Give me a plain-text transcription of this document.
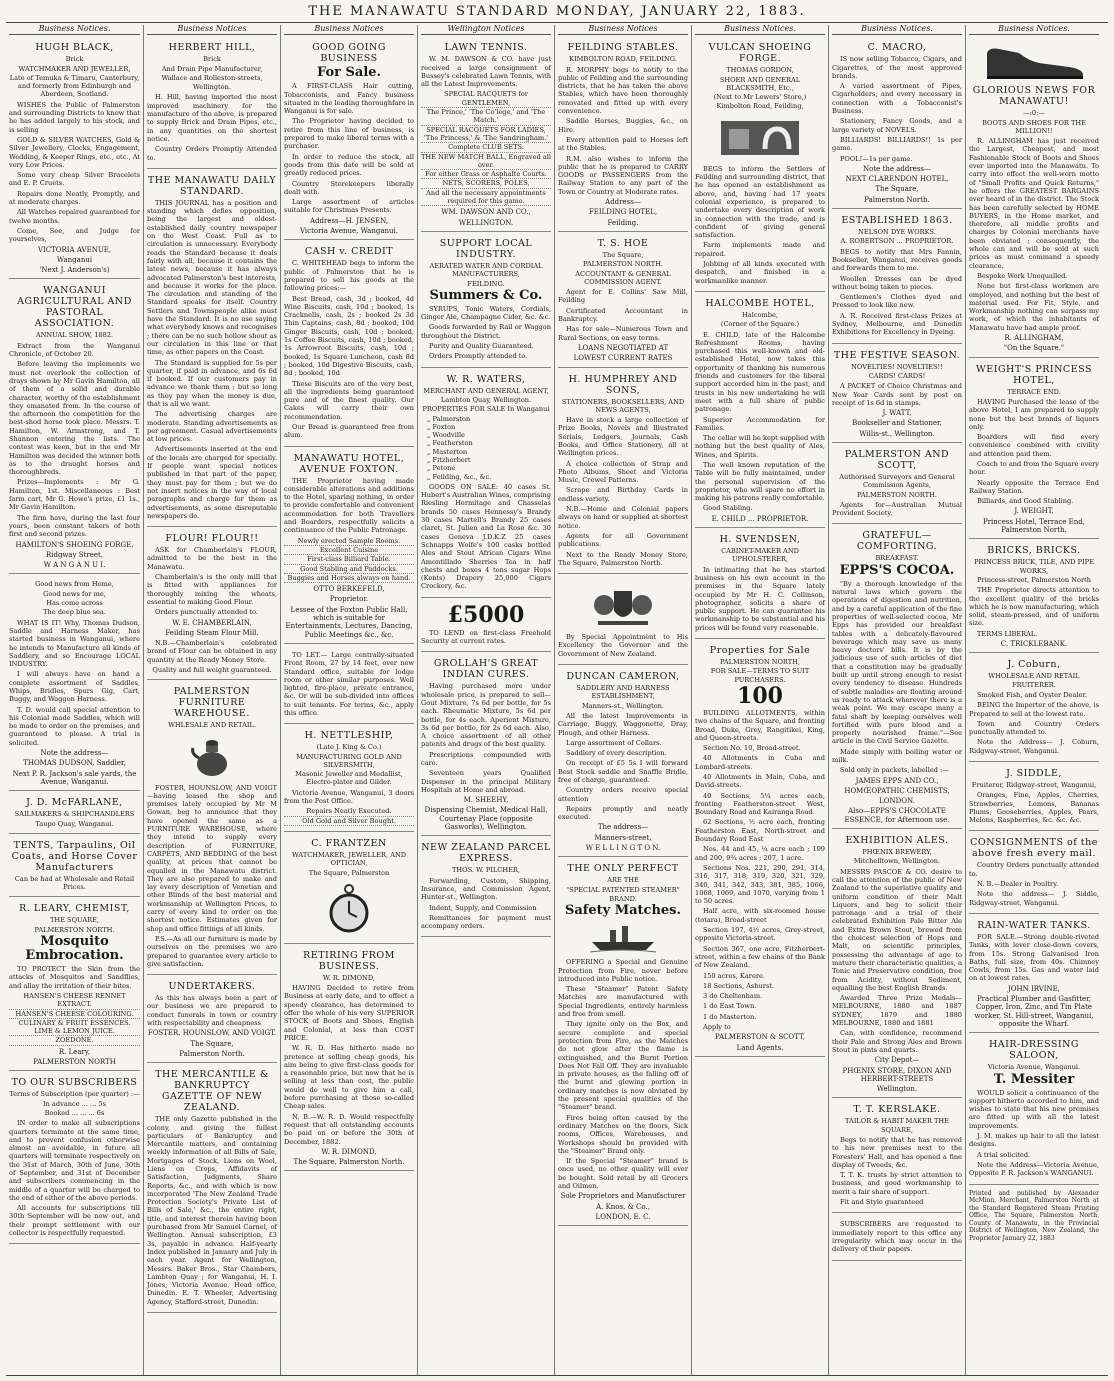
THE MANAWATU STANDARD MONDAY, JANUARY 22, 1883.
Business Notices.
HUGH BLACK,
Brick
WATCHMAKER AND JEWELLER,
Late of Temuka & Timaru, Canterbury, and formerly from Edinburgh and Aberdeen, Scotland.

WISHES the Public of Palmerston and surrounding Districts to know that he has added largely to his stock, and is selling

GOLD & SILVER WATCHES, Gold & Silver Jewellery, Clocks, Engagement, Wedding, & Keeper Rings, etc., etc., At very Low Prices.

Some very cheap Silver Bracelets and E. P. Cruets.

Repairs done Neatly, Promptly, and at moderate charges.

All Watches repaired guaranteed for twelve months.

Come, See, and Judge for yourselves,

VICTORIA AVENUE,
Wanganui
'Next J. Anderson's)
WANGANUI AGRICULTURAL AND PASTORAL ASSOCIATION.
ANNUAL SHOW, 1882.

Extract from the Wanganui Chronicle, of October 20.

Before leaving the implements we must not overlook the collection of drays shown by Mr Gavin Hamilton, all of them of a solid and durable character, worthy of the establishment they emanated from. In the course of the afternoon the competition for the best-shod horse took place. Messrs. T. Hamilton, W. Armstrong, and T. Shannon entering the lists. The contest was keen, but in the end Mr Hamilton was decided the winner both as to the draught horses and thoroughbreds.

Prizes—Implements : Mr G. Hamilton, 1st. Miscellaneous : Best farm cart, Mr G. Howe's prize, £1 1s., Mr Gavin Hamilton.

The firm have, during the last four years, been constant takers of both first and second prizes.

HAMILTON'S SHOEING FORGE,
Ridgway Street,
W A N G A N U I.
Good news from Home,
Good news for me,
Has come across
The deep blue sea.

WHAT IS IT! Why, Thomas Dudson, Saddle and Harness Maker, has started business in Wanganui, where he intends to Manufacture all kinds of Saddlery, and so Encourage LOCAL INDUSTRY.

I will always have on hand a complete assortment of Saddles, Whips, Bridles, Spurs Gig, Cart, Buggy, and Waggon Harness.

T. D. would call special attention to his Colonial made Saddles, which will be made to order on the premises, and guaranteed to please. A trial is solicited.

Note the address—
THOMAS DUDSON, Saddler,
Next P. R. Jackson's sale yards, the Avenue, Wanganui.
J. D. McFARLANE,
SAILMAKERS & SHIPCHANDLERS
Taupo Quay, Wanganui.
TENTS, Tarpaulins, Oil Coats, and Horse Cover Manufacturers
Can be had at Wholesale and Retail Prices.
R. LEARY, CHEMIST,
THE SQUARE,
PALMERSTON NORTH.
Mosquito Embrocation.

TO PROTECT the Skin from the attacks of Mosquitos and Sandflies, and allay the irritation of their bites.

HANSEN'S CHEESE RENNET EXTRACT.
HANSEN'S CHEESE COLOURING.
CULINARY & FRUIT ESSENCES. LIME & LEMON JUICE.
ZOEDONE.
R. Leary,
PALMERSTON NORTH
TO OUR SUBSCRIBERS
Terms of Subscription (per quarter) :—
In advance ... ... 5s
Booked ... ... ... 6s

IN order to make all subscriptions quarters terminate at the same time, and to prevent confusion otherwise almost an avoidable, in future all quarters will terminate respectively on the 31st of March, 30th of June, 30th of September, and 31st of December and subscribers commencing in the middle of a quarter will be charged to the end of either of the above periods.

All accounts for subscriptions till 30th September will be now out, and their prompt settlement with our collector is respectfully requested.

Business Notices
HERBERT HILL,
Brick
And Drain Pipe Manufacturer,
Wallace and Rolleston-streets,
Wellington.

H. Hill, having imported the most improved machinery for the manufacture of the above, is prepared to supply Brick and Drain Pipes, etc., in any quantities on the shortest notice.

Country Orders Promptly Attended to.

THE MANAWATU DAILY STANDARD.

THIS JOURNAL has a position and standing which defies opposition, being the largest and oldest-established daily country newspaper on the West Coast. Full as to circulation is unnecessary. Everybody reads the Standard because it deals fairly with all, because it contains the latest news, because it has always advocated Palmerston's best interests, and because it works for the place. The circulation and standing of the Standard speaks for itself. Country Settlers and Townspeople alike must have the Standard. It is no use saying what everybody knows and recognises ; there can be no such hollow shout as our circulation in this line or that time, as other papers on the Coast.

The Standard is supplied for 5s per quarter, if paid in advance, and 6s 6d if booked. If our customers pay in advance we thank them ; but so long as they pay when the money is due, that is all we want.

The advertising charges are moderate. Standing advertisements as per agreement. Casual advertisements at low prices.

Advertisements inserted at the end of the locals are charged for specially. If people want special notices published in that part of the paper, they must pay for them ; but we do not insert notices in the way of local paragraphs and charge for them as advertisements, as some disreputable newspapers do.

FLOUR! FLOUR!!

ASK for Chamberlain's FLOUR, admitted to be the best in the Manawatu.

Chamberlain's is the only mill that is fitted with appliances for thoroughly mixing the wheats, essential to making Good Flour.

Orders punctually attended to.

W. E. CHAMBERLAIN,
Feilding Steam Flour Mill.

N.B.—Chamberlain's celebrated brand of Flour can be obtained in any quantity at the Ready Money Store.

Quality and full weight guaranteed.
PALMERSTON FURNITURE WAREHOUSE.
WHLESALE AND RETAIL.

FOSTER, HOUNSLOW, AND VOIGT—having leased the shop and premises lately occupied by Mr M Gowan, beg to announce that they have opened the same as a FURNITURE WAREHOUSE, where they intend to supply every description of FURNITURE, CARPETS, AND BEDDING of the best quality, at prices that cannot be equalled in the Manawatu district. They are also prepared to make and lay every description of Venetian and other Blinds of the best material and workmanship at Wellington Prices, to carry of every kind to order on the shortest notice. Estimates given for shop and office fittings of all kinds.

P.S.—As all our furniture is made by ourselves on the premises we are prepared to guarantee every article to give satisfaction.

UNDERTAKERS.

As this has always been a part of our business we are prepared to conduct funerals in town or country with respectability and cheapness

FOSTER, HOUNSLOW, AND VOIGT.
The Square,
Palmerston North.
THE MERCANTILE & BANKRUPTCY GAZETTE OF NEW ZEALAND.

THE only Gazette published in the colony, and giving the fullest particulars of Bankruptcy and Mercantile matters, and containing weekly information of all Bills of Sale, Mortgages of Stock, Liens on Wool, Liens on Crops, Affidavits of Satisfaction, Judgments, Share Reports, &c., and with which is now incorporated 'The New Zealand Trade Protection Society's Private List of Bills of Sale,' &c., the entire right, title, and interest therein having been purchased from Mr Samuel Carnel, of Wellington. Annual subscription, £3 3s, payable in advance. Half-yearly Index published in January and July in each year. Agent for Wellington, Messrs. Baker Bros., Star Chambers, Lambton Quay ; for Wanganui, H. I. Jones, Victoria Avenue. Head office, Dunedin. E. T. Wheeler, Advertising Agency, Stafford-street, Dunedin.

Business Notices
GOOD GOING BUSINESS
For Sale.

A FIRST-CLASS Hair cutting, Tobacconists, and Fancy business situated in the leading thoroughfare in Wanganui is for sale.

The Proprietor having decided to retire from this line of business, is prepared to make liberal terms with a purchaser.

In order to reduce the stock, all goods from this date will be sold at greatly reduced prices.

Country Storekeepers liberally dealt with.

Large assortment of articles suitable for Christmas Presents.

Address—H. JENSEN,
Victoria Avenue, Wanganui.
CASH v. CREDIT

C. WHITEHEAD begs to inform the public of Palmerston that he is prepared to sell his goods at the following prices:—

Best Bread, cash, 3d ; booked, 4d Wine Biscuits, cash, 10d ; booked, 1s Cracknells, cash, 2s ; booked 2s 3d Thin Captains, cash, 8d ; booked, 10d Ginger Biscuits, cash, 10d ; booked, 1s Coffee Biscuits, cash, 10d ; booked, 1s Arrowroot Biscuits, cash, 10d ; booked, 1s Square Luncheon, cash 8d ; booked, 10d Digestive Biscuits, cash, 8d ; booked, 10d

These Biscuits are of the very best, all the ingredients being guaranteed pure and of the finest quality. Our Cakes will carry their own recommendation.

Our Bread is guaranteed free from alum.

MANAWATU HOTEL, AVENUE FOXTON.

THE Proprietor having made considerable alterations and additions to the Hotel, sparing nothing, in order to provide comfortable and convenient accommodation for both Travellers and Boarders, respectfully solicits a continuance of the Public Patronage.

Newly erected Sample Rooms.
Excellent Cuisine
First-class Billiard Table.
Good Stabling and Paddocks.
Buggies and Horses always on hand.
OTTO BERKEFELD,
Proprietor.
Lessee of the Foxton Public Hall, which is suitable for Entertainments, Lectures, Dancing, Public Meetings &c., &c.

TO LET.— Large centrally-situated Front Room, 27 by 14 feet, over new Standard office, suitable for lodge room or other similar purposes. Well lighted, fire-place, private entrance, &c. Or will be sub-divided into offices to suit tenants. For terms, &c., apply this office.

H. NETTLESHIP,
(Late J. King & Co.)
MANUFACTURING GOLD AND SILVERSMITH,
Masonic Jeweller and Medallist, Electro-plater and Gilder.

Victoria Avenue, Wanganui, 3 doors from the Post Office.

Repairs Neatly Executed.
Old Gold and Silver Bought.
C. FRANTZEN
WATCHMAKER, JEWELLER, AND OPTICIAN,
The Square, Palmerston
RETIRING FROM BUSINESS.
W. R. DIMOND,

HAVING Decided to retire from Business at early date, and to effect a speedy clearance, has determined to offer the whole of his very SUPERIOR STOCK of Boots and Shoes, English and Colonial, at less than COST PRICE.

W. R. D. Has hitherto made no pretence at selling cheap goods, his aim being to give first-class goods for a reasonable price, but now that he is selling at less than cost, the public would do well to give him a call, before purchasing at those so-called Cheap sales.

N. B.—W. R. D. Would respectfully request that all outstanding accounts be paid on or before the 30th of December, 1882.

W. R. DIMOND,
The Square, Palmerston North.
Wellington Notices
LAWN TENNIS.

W. M. DAWSON & CO. have just received a large consignment of Bussey's celebrated Lawn Tennis, with all the Latest Improvements.

SPECIAL RACQUETS for GENTLEMEN,
The Prince,' 'The Co'lege,' and 'The Match.'
SPECIAL RACQUETS FOR LADIES, 'The Princess,' & 'The Sandringham.'
Complete CLUB SETS.
THE NEW MATCH BALL, Engraved all over.
For either Grass or Asphalte Courts.
NETS, SCORERS, POLES,
And all the necessary appointments required for this game.
WM. DAWSON AND CO.,
WELLINGTON.
SUPPORT LOCAL INDUSTRY.
AERATED WATER AND CORDIAL MANUFACTURERS,
FEILDING.
Summers & Co.

SYRUPS, Tonic Waters, Cordials, Ginger Ale, Champagne Cider, &c. &c.

Goods forwarded by Rail or Waggon throughout the District.

Purity and Quality Guaranteed.

Orders Promptly attended to.

W. R. WATERS,
MERCHANT AND GENERAL AGENT,
Lambton Quay, Wellington.
PROPERTIES FOR SALE In Wanganui
„ Palmerston
„ Foxton
„ Woodville
„ Featherston
„ Masterton
„ Fitzherbert
„ Petone
„ Feilding, &c., &c.

GOODS ON SALE: 40 cases St. Hubert's Australian Wines, comprising Riesling Hermitage and Chasselas brands 50 cases Hennessy's Brandy 30 cases Martell's Brandy 25 cases claret, St. Julien and La Rose &c. 30 cases Geneva J.D.K.Z 25 cases Schnapps Wolfe's 100 casks bottled Ales and Stout African Cigars Wine Amontillado Sherries Tea in half chests and boxes 4 tons sugar Hops (Kents) Drapery 25,000 Cigars Crockery, &c.

£5000

TO LEND on first-class Freehold Security at current rates.

GROLLAH'S GREAT INDIAN CURES.

Having purchased more under wholesale price, is prepared to sell— Gout Mixture, 7s 6d per bottle, for 5s each. Rheumatic Mixture, 5s 6d per bottle, for 4s each. Aperient Mixture, 3s 6d per bottle, for 2s 6d each. Also, A choice assortment of all other patents and drugs of the best quality.

Prescriptions compounded with care.

Seventeen years Qualified Dispenser in the principal Military Hospitals at Home and abroad.

M. SHEEHY,
Dispensing Chemist, Medical Hall, Courtenay Place (opposite Gasworks), Wellington.
NEW ZEALAND PARCEL EXPRESS.
THOS. W. PILCHER,

Forwarding, Custom, Shipping, Insurance, and Commission Agent, Hunter-st., Wellington.

Indent, Supply, and Commission

Remittances for payment must accompany orders.

Business Notices
FEILDING STABLES.
KIMBOLTON ROAD, FEILDING.

R. MORPHY begs to notify to the public of Feilding and the surrounding districts, that he has taken the above Stables, which have been thoroughly renovated and fitted up with every convenience.

Saddle Horses, Buggies, &c., on Hire.

Every attention paid to Horses left at the Stables.

R.M. also wishes to inform the public that he is prepared to CARRY GOODS or PASSENGERS from the Railway Station to any part of the Town or Country at Moderate rates.

Address—
FEILDING HOTEL,
Feilding.
T. S. HOE
The Square,
PALMERSTON NORTH.
ACCOUNTANT & GENERAL COMMISSION AGENT.

Agent for E. Collins' Saw Mill, Feilding

Certificated Accountant in Bankruptcy.

Has for sale—Numerous Town and Rural Sections, on easy terms.

LOANS NEGOTIATED AT
LOWEST CURRENT RATES
H. HUMPHREY AND SONS,
STATIONERS, BOOKSELLERS, AND NEWS AGENTS,

Have in stock a large collection of Prize Books, Novels and Illustrated Serials, Ledgers, Journals, Cash Books, and Office Stationery, all at Wellington prices.

A choice collection of Strap and Photo Albums, Sheet and Victoria Music, Crewel Patterns.

Scrape and Birthday Cards in endless variety.

N.B.—Home and Colonial papers always on hand or supplied at shortest notice.

Agents for all Government publications.

Next to the Ready Money Store, The Square, Palmerston North.

By Special Appointment to His Excellency the Governor and the Government of New Zealand.

DUNCAN CAMERON,
SADDLERY AND HARNESS ESTABLISHMENT,
Manners-st., Wellington.

All the latest Improvements in Carriage, Buggy, Waggonette, Dray, Plough, and other Harness.

Large assortment of Collars.

Saddlery of every description.

On receipt of £5 5s I will forward Best Stock saddle and Snaffle Bridle, free of charge, guaranteed.

Country orders receive special attention

Repairs promptly and neatly executed.

The address—
Manners-street,
W E L L I N G T O N.
THE ONLY PERFECT
ARE THE
"SPECIAL PATENTED STEAMER"
BRAND.
Safety Matches.

OFFERING a Special and Genuine Protection from Fire, never before introduced into Public notice.

These "Steamer" Patent Safety Matches are manufactured with Special Ingredients, entirely harmless and free from smell.

They ignite only on the Box, and secure complete and special protection from Fire, as the Matches do not glow after the flame is extinguished, and the Burnt Portion Does Not Fall Off. They are invaluable in private houses, as the falling off of the burnt and glowing portion in ordinary matches is now obviated by the present special qualities of the "Steamer" brand.

Fires being often caused by the ordinary Matches on the floors, Sick rooms, Offices, Warehouses, and Workshops should be provided with the "Steamer" Brand only.

If the Special "Steamer" brand is once used, no other quality will ever be bought. Sold retail by all Grocers and Oilmen.

Sole Proprietors and Manufacturer
A. Knos, & Co.,
LONDON, E. C.
Business Notices.
VULCAN SHOEING FORGE.
THOMAS GORDON,
SHOER AND GENERAL BLACKSMITH, Etc.,
(Next to Mr Lewers' Store,)
Kimbolton Road, Feilding,

BEGS to inform the Settlers of Feilding and surrounding district, that he has opened an establishment as above, and, having had 17 years colonial experience, is prepared to undertake every description of work in connection with the trade, and is confident of giving general satisfaction.

Farm implements made and repaired.

Jobbing of all kinds executed with despatch, and finished in a workmanlike manner.

HALCOMBE HOTEL,
Halcombe,
(Corner of the Square.)

E. CHILD, late of the Halcombe Refreshment Rooms, having purchased this well-known and old-established Hotel, now takes this opportunity of thanking his numerous friends and customers for the liberal support accorded him in the past, and trusts in his new undertaking he will meet with a full share of public patronage.

Superior Accommodation for Families.

The cellar will be kept supplied with nothing but the best quality of Ales, Wines, and Spirits.

The well known reputation of the Table will be fully maintained, under the personal supervision of the proprietor, who will spare no effort in making his patrons really comfortable.

Good Stabling.

E. CHILD ... PROPRIETOR.
H. SVENDSEN,
CABINET-MAKER AND UPHOLSTERER,

In intimating that he has started business on his own account in the premises in the Square lately occupied by Mr H. C. Collinson, photographer, solicits a share of public support. He can guarantee his workmanship to be substantial and his prices will be found very reasonable.

Properties for Sale
PALMERSTON NORTH,
FOR SALE—TERMS TO SUIT PURCHASERS.
100

BUILDING ALLOTMENTS, within two chains of the Square, and fronting Broad, Duke, Grey, Rangitikei, King, and Queen-streets.

Section No. 10, Broad-street.

40 Allotments in Cuba and Lombard-streets.

40 Allotments in Main, Cuba, and David-streets.

40 Sections, 5¼ acres each, fronting Featherston-street West, Boundary Road and Kairanga Road.

62 Sections, ½ acre each, fronting Featherston East, North-street and Boundary Road East

Nos. 44 and 45, ¼ acre each ; 199 and 200, 9¾ acres ; 207, 1 acre.

Sections Nos. 221, 290, 291, 314, 316, 317, 318, 319, 320, 321, 329, 340, 341, 342, 343, 381, 385, 1066, 1068, 1069, and 1070, varying from 1 to 50 acres.

Half acre, with six-roomed house (totara), Broad-street

Section 197, 4½ acres, Grey-street, opposite Victoria-street.

Section 367, one acre, Fitzherbert-street, within a few chains of the Bank of New Zealand.

150 acres, Karere.

18 Sections, Ashurst.

3 do Cheltenham.

1 do East Town.

1 do Masterton.

Apply to

PALMERSTON & SCOTT,
Land Agents.
Business Notices.
C. MACRO,

IS now selling Tobacco, Cigars, and Cigarettes, of the most approved brands.

A varied assortment of Pipes, Cigarholders, and every necessary in connection with a Tobacconist's Business.

Stationery, Fancy Goods, and a large variety of NOVELS.

BILLIARDS! BILLIARDS!! 1s per game.

POOL!—1s per game.

Note the address—
NEXT CLARENDON HOTEL,
The Square,
Palmerston North.
ESTABLISHED 1863.
NELSON DYE WORKS.
A. ROBERTSON ... PROPRIETOR.

BEGS to notify that Mrs Fannin, Bookseller, Wanganui, receives goods and forwards them to me.

Woollen Dresses can be dyed without being taken to pieces.

Gentlemen's Clothes dyed and Pressed to look like new.

A. R. Received first-class Prizes at Sydney, Melbourne, and Dunedin Exhibitions for Excellency in Dyeing.

THE FESTIVE SEASON.
NOVELTIES! NOVELTIES!!
CARDS! CARDS!

A PACKET of Choice Christmas and New Year Cards sent by post on receipt of 1s 6d in stamps.

J. WATT,
Bookseller and Stationer,
Willis-st., Wellington.
PALMERSTON AND SCOTT,
Authorised Surveyors and General Commission Agents,
PALMERSTON NORTH.

Agents for—Australian Mutual Provident Society.

GRATEFUL—COMFORTING.
BREAKFAST.
EPPS'S COCOA.

"By a thorough knowledge of the natural laws which govern the operations of digestion and nutrition, and by a careful application of the fine properties of well-selected cocoa, Mr Epps has provided our breakfast tables with a delicately-flavoured beverage which may save us many heavy doctors' bills. It is by the judicious use of such articles of diet that a constitution may be gradually built up until strong enough to resist every tendency to disease. Hundreds of subtle maladies are floating around us ready to attack wherever there is a weak point. We may escape many a fatal shaft by keeping ourselves well fortified with pure blood and a properly nourished frame."—See article in the Civil Service Gazette.

Made simply with boiling water or milk.

Sold only in packets, labelled :—

JAMES EPPS AND CO.,
HOMŒOPATHIC CHEMISTS,
LONDON.
Also—EPPS'S CHOCOLATE ESSENCE, for Afternoon use.
EXHIBITION ALES.
PHŒNIX BREWERY,
Mitchelltown, Wellington.

MESSRS PASCOE & CO. desire to call the attention of the public of New Zealand to the superlative quality and uniform condition of their Malt Liquors, and beg to solicit their patronage and a trial of their celebrated Exhibition Pale Bitter Ale and Extra Brown Stout, brewed from the choicest selection of Hops and Malt, on scientific principles, possessing the advantage of age to mature their characteristic qualities, a Tonic and Preservative condition, free from Acidity, without Sediment, equalling the best English Brands.

Awarded Three Prize Medals— MELBOURNE, 1880 and 1887 SYDNEY, 1879 and 1880 MELBOURNE, 1880 and 1881

Can, with confidence, recommend their Pale and Strong Ales and Brown Stout in pints and quarts.

City Depot—
PHŒNIX STORE, DIXON AND HERBERT-STREETS
Wellington.
T. T. KERSLAKE.
TAILOR & HABIT MAKER THE SQUARE,

Begs to notify that he has removed to his new premises next to the Foresters' Hall, and has opened a fine display of Tweeds, &c.

T. T. K. trusts by strict attention to business, and good workmanship to merit a fair share of support.

Fit and Style guaranteed

SUBSCRIBERS are requested to immediately report to this office any irregularity which may occur in the delivery of their papers.

Business Notices.
GLORIOUS NEWS FOR MANAWATU!
—:0:—
BOOTS AND SHOES FOR THE MILLION!!

R. ALLINGHAM has just received the Largest, Cheapest, and most Fashionable Stock of Boots and Shoes ever imported into the Manawatu. To carry into effect the well-worn motto of "Small Profits and Quick Returns," he offers the GREATEST BARGAINS ever heard of in the district. The Stock has been carefully selected by HOME BUYERS, in the Home market, and therefore, all middle profits and charges by Colonial merchants have been obviated ; consequently, the whole can and will be sold at such prices as must command a speedy clearance.

Bespoke Work Unequalled.

None but first-class workmen are employed, and nothing but the best of material used. For Fit, Style, and Workmanship nothing can surpass my work, of which the inhabitants of Manawatu have had ample proof.

R. ALLINGHAM,
"On the Square."
WEIGHT'S PRINCESS HOTEL,
TERRACE END.

HAVING Purchased the lease of the above Hotel, I am prepared to supply none but the best brands of liquors only.

Boarders will find every convenience combined with civility and attention paid them.

Coach to and from the Square every hour.

Nearly opposite the Terrace End Railway Station.

Billiards, and Good Stabling.

J. WEIGHT,
Princess Hotel, Terrace End, Palmerston North.
BRICKS, BRICKS.
PRINCESS BRICK, TILE, AND PIPE WORKS,
Princess-street, Palmerston North

THE Proprietor directs attention to the excellent quality of the bricks which he is now manufacturing, which solid, steam-pressed, and of uniform size.

TERMS LIBERAL.

C. TRICKLEBANK.
J. Coburn,
WHOLESALE AND RETAIL FRUITERER.

Smoked Fish, and Oyster Dealer.

BEING the Importer of the above, is Prepared to sell at the lowest rate.

Town and Country Orders punctually attended to.

Note the Address— J. Coburn, Ridgway-street, Wanganui.

J. SIDDLE,
Fruiterer, Ridgway-street, Wanganui,

Oranges, Fine, Apples, Cherries, Strawberries, Lemons, Bananas Plums, Gooseberries, Apples, Pears, Melons, Raspberries, &c. &c. &c.

CONSIGNMENTS of the above fresh every mail.

Country Orders punctually attended to.

N. B.—Dealer in Poultry.

Note the address— J. Siddle, Ridgway-street, Wanganui.

RAIN-WATER TANKS.

FOR SALE.—Strong double-riveted Tanks, with lever close-down covers, from 15s. Strong Galvanised Iron Baths, full size, from 40s. Chimney Cowls, from 15s. Gas and water laid on at lowest rates.

JOHN IRVINE,
Practical Plumber and Gasfitter, Copper, Iron, Zinc, and Tin Plate worker, St. Hill-street, Wanganui, opposite the Wharf.
HAIR-DRESSING SALOON,
Victoria Avenue, Wanganui.
T. Messiter

WOULD solicit a continuance of the support hitherto accorded to him, and wishes to state that his new premises are fitted up with all the latest improvements.

J. M. makes up hair to all the latest designs.

A trial solicited.

Note the Address—Victoria Avenue, Opposite P. R. Jackson's WANGANUI.

Printed and published by Alexander McMinn, Merchant, Palmerston North at the Standard Registered Steam Printing Office, The Square, Palmerston North, County of Manawatu, in the Provincial District of Wellington, New Zealand, the Proprietor January 22, 1883
